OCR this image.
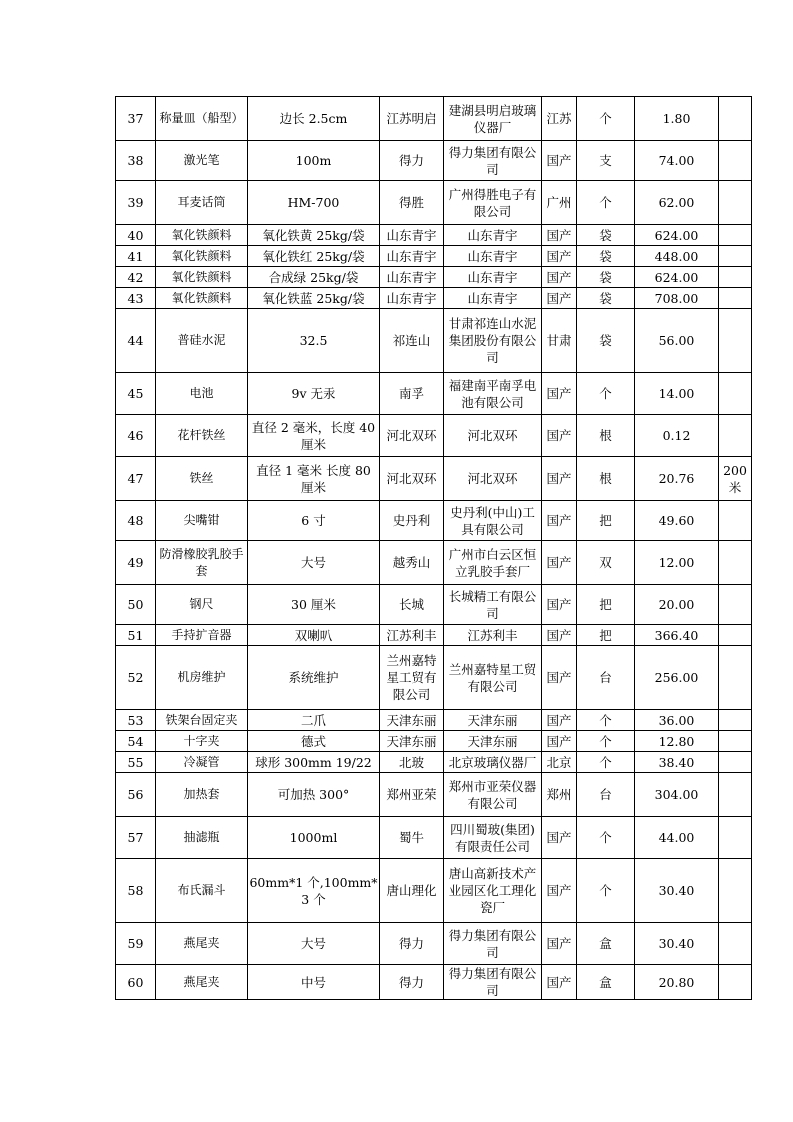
37	称量皿（船型）	边长 2.5cm	江苏明启	建湖县明启玻璃仪器厂	江苏	个	1.80	
38	激光笔	100m	得力	得力集团有限公司	国产	支	74.00	
39	耳麦话筒	HM-700	得胜	广州得胜电子有限公司	广州	个	62.00	
40	氧化铁颜料	氧化铁黄 25kg/袋	山东青宇	山东青宇	国产	袋	624.00	
41	氧化铁颜料	氧化铁红 25kg/袋	山东青宇	山东青宇	国产	袋	448.00	
42	氧化铁颜料	合成绿 25kg/袋	山东青宇	山东青宇	国产	袋	624.00	
43	氧化铁颜料	氧化铁蓝 25kg/袋	山东青宇	山东青宇	国产	袋	708.00	
44	普硅水泥	32.5	祁连山	甘肃祁连山水泥集团股份有限公司	甘肃	袋	56.00	
45	电池	9v 无汞	南孚	福建南平南孚电池有限公司	国产	个	14.00	
46	花杆铁丝	直径 2 毫米，长度 40 厘米	河北双环	河北双环	国产	根	0.12	
47	铁丝	直径 1 毫米 长度 80 厘米	河北双环	河北双环	国产	根	20.76	200米
48	尖嘴钳	6 寸	史丹利	史丹利(中山)工具有限公司	国产	把	49.60	
49	防滑橡胶乳胶手套	大号	越秀山	广州市白云区恒立乳胶手套厂	国产	双	12.00	
50	钢尺	30 厘米	长城	长城精工有限公司	国产	把	20.00	
51	手持扩音器	双喇叭	江苏利丰	江苏利丰	国产	把	366.40	
52	机房维护	系统维护	兰州嘉特星工贸有限公司	兰州嘉特星工贸有限公司	国产	台	256.00	
53	铁架台固定夹	二爪	天津东丽	天津东丽	国产	个	36.00	
54	十字夹	德式	天津东丽	天津东丽	国产	个	12.80	
55	冷凝管	球形 300mm 19/22	北玻	北京玻璃仪器厂	北京	个	38.40	
56	加热套	可加热 300°	郑州亚荣	郑州市亚荣仪器有限公司	郑州	台	304.00	
57	抽滤瓶	1000ml	蜀牛	四川蜀玻(集团)有限责任公司	国产	个	44.00	
58	布氏漏斗	60mm*1 个,100mm*3 个	唐山理化	唐山高新技术产业园区化工理化瓷厂	国产	个	30.40	
59	燕尾夹	大号	得力	得力集团有限公司	国产	盒	30.40	
60	燕尾夹	中号	得力	得力集团有限公司	国产	盒	20.80	
